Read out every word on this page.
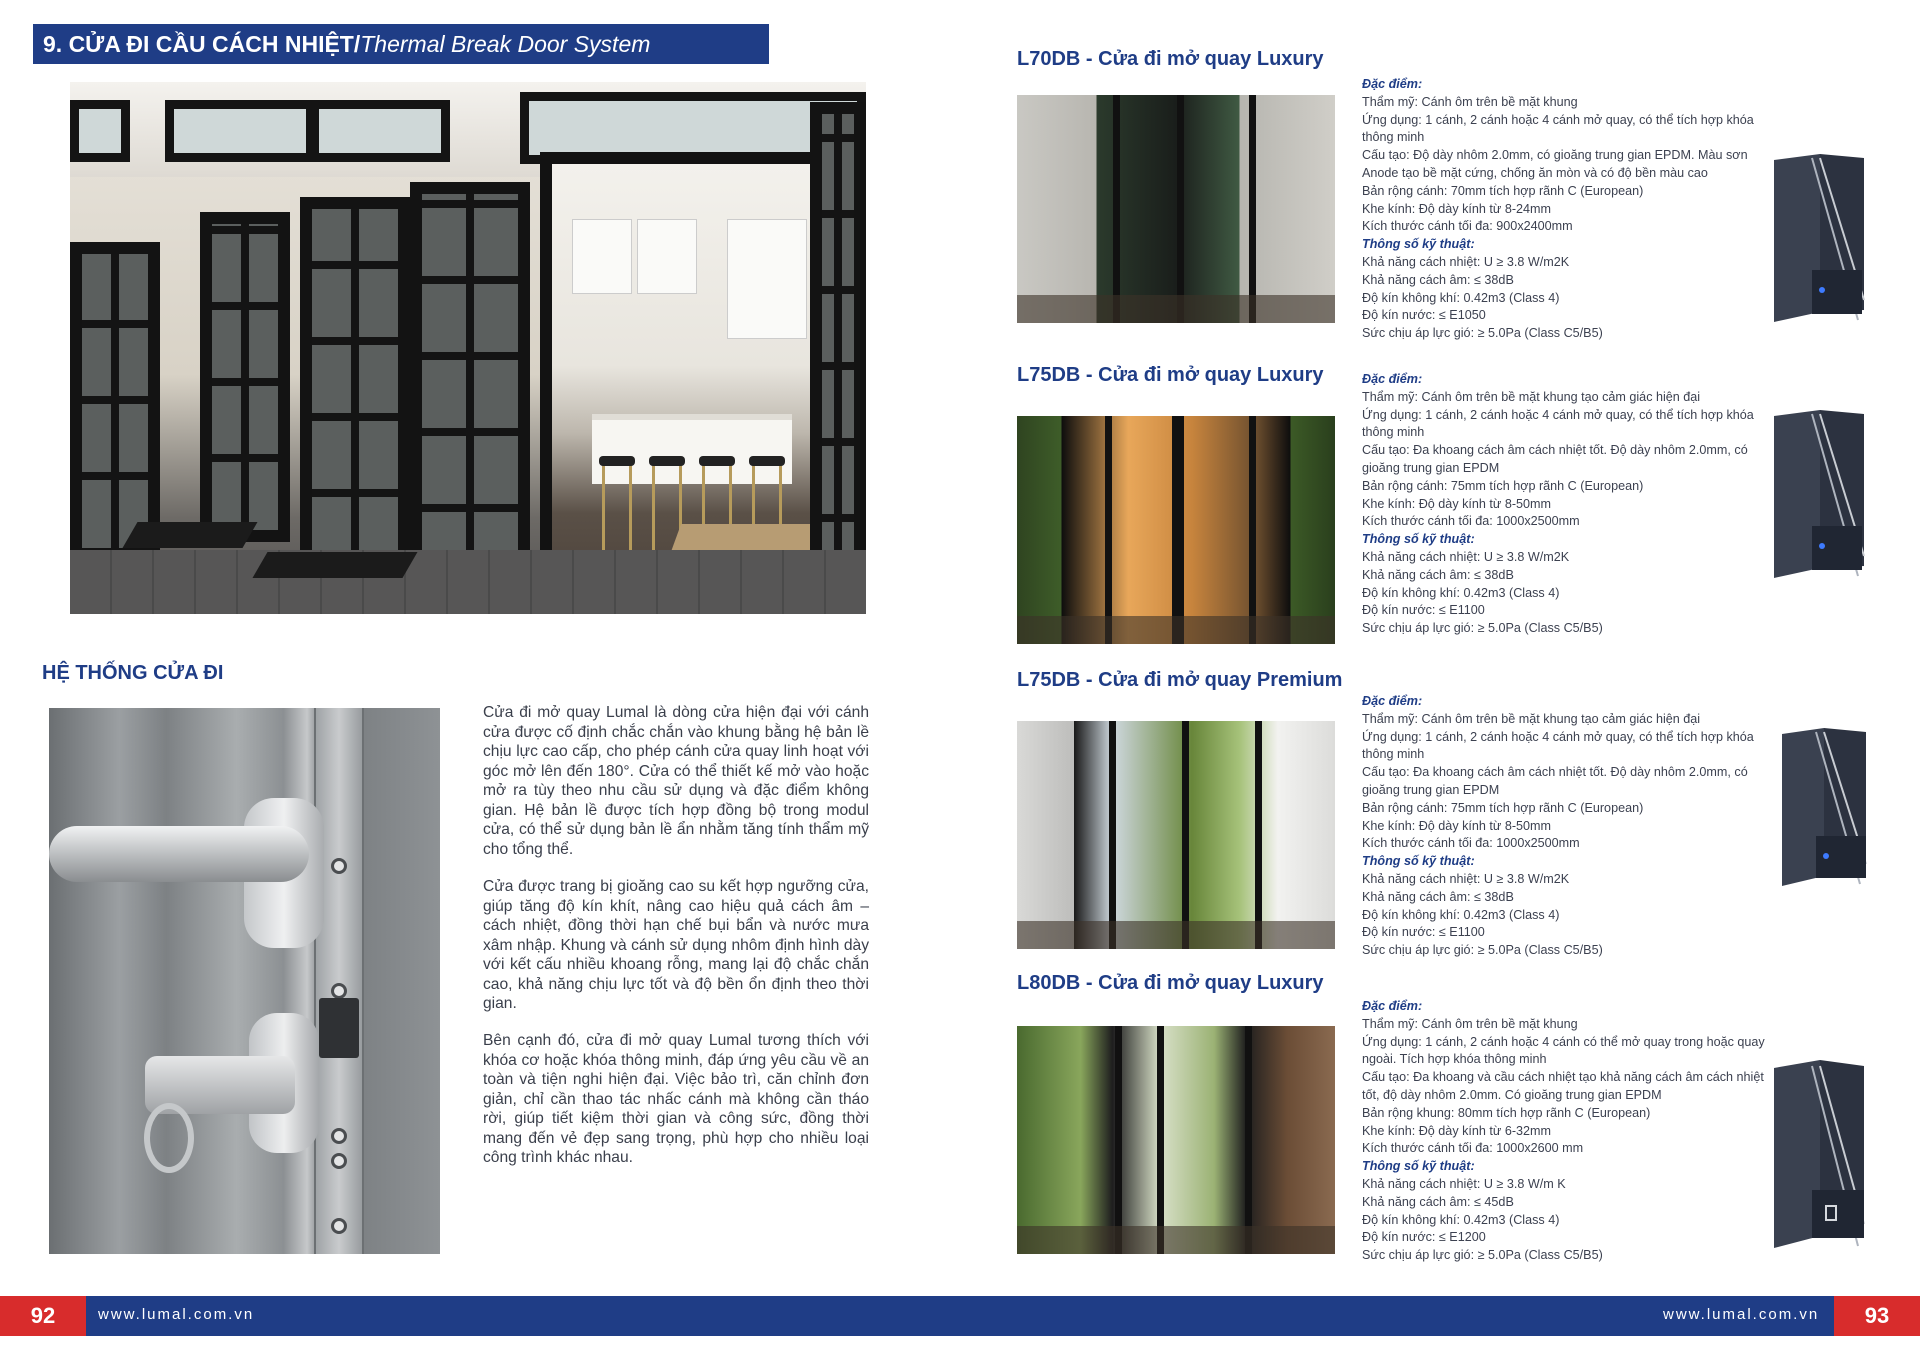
9. CỬA ĐI CẦU CÁCH NHIỆT/ Thermal Break Door System
HỆ THỐNG CỬA ĐI

Cửa đi mở quay Lumal là dòng cửa hiện đại với cánh cửa được cố định chắc chắn vào khung bằng hệ bản lề chịu lực cao cấp, cho phép cánh cửa quay linh hoạt với góc mở lên đến 180°. Cửa có thể thiết kế mở vào hoặc mở ra tùy theo nhu cầu sử dụng và đặc điểm không gian. Hệ bản lề được tích hợp đồng bộ trong modul cửa, có thể sử dụng bản lề ẩn nhằm tăng tính thẩm mỹ cho tổng thể.

Cửa được trang bị gioăng cao su kết hợp ngưỡng cửa, giúp tăng độ kín khít, nâng cao hiệu quả cách âm – cách nhiệt, đồng thời hạn chế bụi bẩn và nước mưa xâm nhập. Khung và cánh sử dụng nhôm định hình dày với kết cấu nhiều khoang rỗng, mang lại độ chắc chắn cao, khả năng chịu lực tốt và độ bền ổn định theo thời gian.

Bên cạnh đó, cửa đi mở quay Lumal tương thích với khóa cơ hoặc khóa thông minh, đáp ứng yêu cầu về an toàn và tiện nghi hiện đại. Việc bảo trì, căn chỉnh đơn giản, chỉ cần thao tác nhấc cánh mà không cần tháo rời, giúp tiết kiệm thời gian và công sức, đồng thời mang đến vẻ đẹp sang trọng, phù hợp cho nhiều loại công trình khác nhau.

L70DB - Cửa đi mở quay Luxury
Đặc điểm:
Thẩm mỹ: Cánh ôm trên bề mặt khung
Ứng dụng: 1 cánh, 2 cánh hoặc 4 cánh mở quay, có thể tích hợp khóa thông minh
Cấu tạo: Độ dày nhôm 2.0mm, có gioăng trung gian EPDM. Màu sơn Anode tạo bề mặt cứng, chống ăn mòn và có độ bền màu cao
Bản rộng cánh: 70mm tích hợp rãnh C (European)
Khe kính: Độ dày kính từ 8-24mm
Kích thước cánh tối đa: 900x2400mm
Thông số kỹ thuật:
Khả năng cách nhiệt: U ≥ 3.8 W/m2K
Khả năng cách âm: ≤ 38dB
Độ kín không khí: 0.42m3 (Class 4)
Độ kín nước: ≤ E1050
Sức chịu áp lực gió: ≥ 5.0Pa (Class C5/B5)
L75DB - Cửa đi mở quay Luxury	Đặc điểm:
Thẩm mỹ: Cánh ôm trên bề mặt khung tạo cảm giác hiện đại
Ứng dụng: 1 cánh, 2 cánh hoặc 4 cánh mở quay, có thể tích hợp khóa thông minh
Cấu tạo: Đa khoang cách âm cách nhiệt tốt. Độ dày nhôm 2.0mm, có gioăng trung gian EPDM
Bản rộng cánh: 75mm tích hợp rãnh C (European)
Khe kính: Độ dày kính từ 8-50mm
Kích thước cánh tối đa: 1000x2500mm
Thông số kỹ thuật:
Khả năng cách nhiệt: U ≥ 3.8 W/m2K
Khả năng cách âm: ≤ 38dB
Độ kín không khí: 0.42m3 (Class 4)
Độ kín nước: ≤ E1100
Sức chịu áp lực gió: ≥ 5.0Pa (Class C5/B5)
L75DB - Cửa đi mở quay Premium
Đặc điểm:
Thẩm mỹ: Cánh ôm trên bề mặt khung tạo cảm giác hiện đại
Ứng dụng: 1 cánh, 2 cánh hoặc 4 cánh mở quay, có thể tích hợp khóa thông minh
Cấu tạo: Đa khoang cách âm cách nhiệt tốt. Độ dày nhôm 2.0mm, có gioăng trung gian EPDM
Bản rộng cánh: 75mm tích hợp rãnh C (European)
Khe kính: Độ dày kính từ 8-50mm
Kích thước cánh tối đa: 1000x2500mm
Thông số kỹ thuật:
Khả năng cách nhiệt: U ≥ 3.8 W/m2K
Khả năng cách âm: ≤ 38dB
Độ kín không khí: 0.42m3 (Class 4)
Độ kín nước: ≤ E1100
Sức chịu áp lực gió: ≥ 5.0Pa (Class C5/B5)
L80DB - Cửa đi mở quay Luxury
Đặc điểm:
Thẩm mỹ: Cánh ôm trên bề mặt khung
Ứng dụng: 1 cánh, 2 cánh hoặc 4 cánh có thể mở quay trong hoặc quay ngoài. Tích hợp khóa thông minh
Cấu tạo: Đa khoang và cầu cách nhiệt tạo khả năng cách âm cách nhiệt tốt, độ dày nhôm 2.0mm. Có gioăng trung gian EPDM
Bản rộng khung: 80mm tích hợp rãnh C (European)
Khe kính: Độ dày kính từ 6-32mm
Kích thước cánh tối đa: 1000x2600 mm
Thông số kỹ thuật:
Khả năng cách nhiệt: U ≥ 3.8 W/m K
Khả năng cách âm: ≤ 45dB
Độ kín không khí: 0.42m3 (Class 4)
Độ kín nước: ≤ E1200
Sức chịu áp lực gió: ≥ 5.0Pa (Class C5/B5)
92	www.lumal.com.vn	www.lumal.com.vn	93
